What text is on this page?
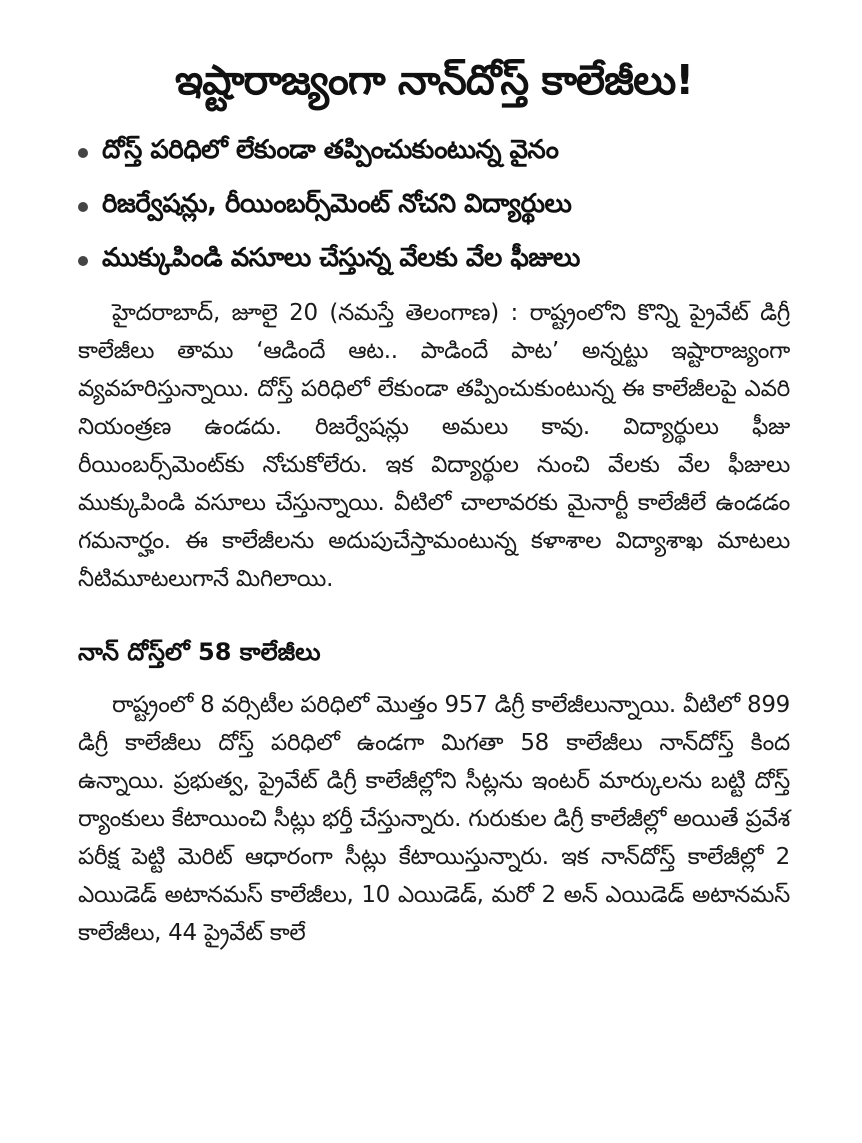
ఇష్టారాజ్యంగా నాన్‌దోస్త్‌ కాలేజీలు!
దోస్త్‌ పరిధిలో లేకుండా తప్పించుకుంటున్న వైనం
రిజర్వేషన్లు, రీయింబర్స్‌మెంట్‌ నోచని విద్యార్థులు
ముక్కుపిండి వసూలు చేస్తున్న వేలకు వేల ఫీజులు

హైదరాబాద్‌, జూలై 20 (నమస్తే తెలంగాణ) : రాష్ట్రంలోని కొన్ని ప్రైవేట్‌ డిగ్రీ కాలేజీలు తాము ‘ఆడిందే ఆట.. పాడిందే పాట’ అన్నట్టు ఇష్టారాజ్యంగా వ్యవహరిస్తున్నాయి. దోస్త్‌ పరిధిలో లేకుండా తప్పించుకుంటున్న ఈ కాలేజీలపై ఎవరి నియంత్రణ ఉండదు. రిజర్వేషన్లు అమలు కావు. విద్యార్థులు ఫీజు రీయింబర్స్‌మెంట్‌కు నోచుకోలేరు. ఇక విద్యార్థుల నుంచి వేలకు వేల ఫీజులు ముక్కుపిండి వసూలు చేస్తున్నాయి. వీటిలో చాలావరకు మైనార్టీ కాలేజీలే ఉండడం గమనార్హం. ఈ కాలేజీలను అదుపుచేస్తామంటున్న కళాశాల విద్యాశాఖ మాటలు నీటిమూటలుగానే మిగిలాయి.

నాన్‌ దోస్త్‌లో 58 కాలేజీలు

రాష్ట్రంలో 8 వర్సిటీల పరిధిలో మొత్తం 957 డిగ్రీ కాలేజీలున్నాయి. వీటిలో 899 డిగ్రీ కాలేజీలు దోస్త్‌ పరిధిలో ఉండగా మిగతా 58 కాలేజీలు నాన్‌దోస్త్‌ కింద ఉన్నాయి. ప్రభుత్వ, ప్రైవేట్‌ డిగ్రీ కాలేజీల్లోని సీట్లను ఇంటర్‌ మార్కులను బట్టి దోస్త్‌ ర్యాంకులు కేటాయించి సీట్లు భర్తీ చేస్తున్నారు. గురుకుల డిగ్రీ కాలేజీల్లో అయితే ప్రవేశ పరీక్ష పెట్టి మెరిట్‌ ఆధారంగా సీట్లు కేటాయిస్తున్నారు. ఇక నాన్‌దోస్త్‌ కాలేజీల్లో 2 ఎయిడెడ్‌ అటానమస్‌ కాలేజీలు, 10 ఎయిడెడ్‌, మరో 2 అన్‌ ఎయిడెడ్‌ అటానమస్‌ కాలేజీలు, 44 ప్రైవేట్‌ కాలే
